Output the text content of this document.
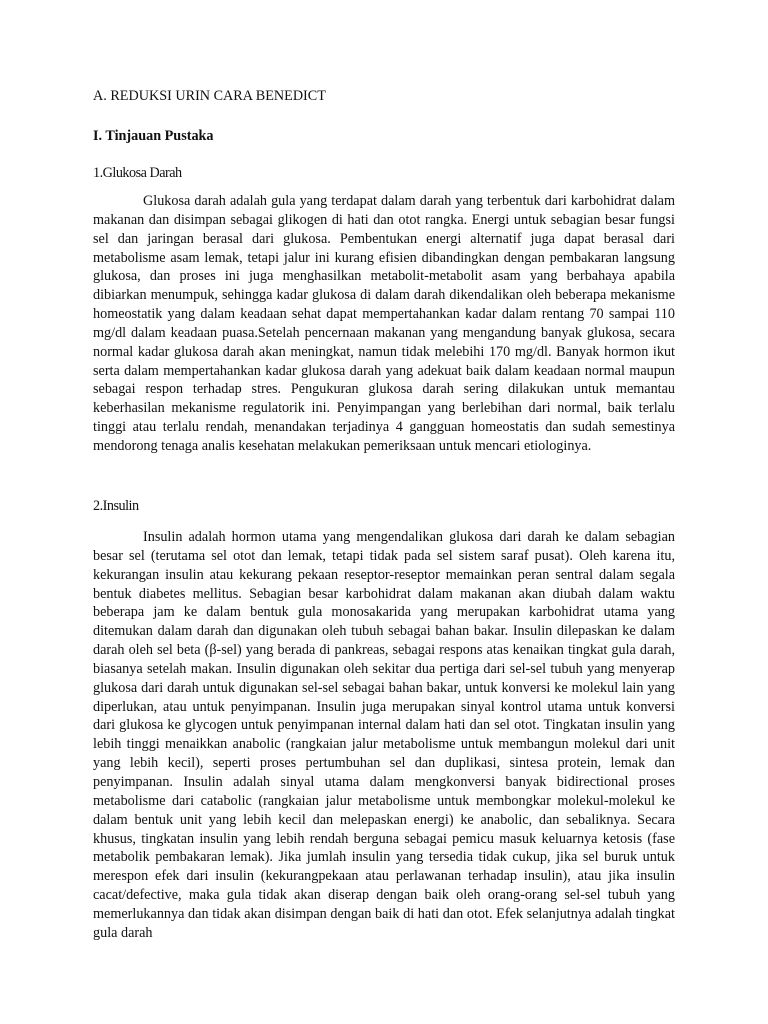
A. REDUKSI URIN CARA BENEDICT
I. Tinjauan Pustaka
1.Glukosa Darah

Glukosa darah adalah gula yang terdapat dalam darah yang terbentuk dari karbohidrat dalam makanan dan disimpan sebagai glikogen di hati dan otot rangka. Energi untuk sebagian besar fungsi sel dan jaringan berasal dari glukosa. Pembentukan energi alternatif juga dapat berasal dari metabolisme asam lemak, tetapi jalur ini kurang efisien dibandingkan dengan pembakaran langsung glukosa, dan proses ini juga menghasilkan metabolit-metabolit asam yang berbahaya apabila dibiarkan menumpuk, sehingga kadar glukosa di dalam darah dikendalikan oleh beberapa mekanisme homeostatik yang dalam keadaan sehat dapat mempertahankan kadar dalam rentang 70 sampai 110 mg/dl dalam keadaan puasa.Setelah pencernaan makanan yang mengandung banyak glukosa, secara normal kadar glukosa darah akan meningkat, namun tidak melebihi 170 mg/dl. Banyak hormon ikut serta dalam mempertahankan kadar glukosa darah yang adekuat baik dalam keadaan normal maupun sebagai respon terhadap stres. Pengukuran glukosa darah sering dilakukan untuk memantau keberhasilan mekanisme regulatorik ini. Penyimpangan yang berlebihan dari normal, baik terlalu tinggi atau terlalu rendah, menandakan terjadinya 4 gangguan homeostatis dan sudah semestinya mendorong tenaga analis kesehatan melakukan pemeriksaan untuk mencari etiologinya.

2.Insulin

Insulin adalah hormon utama yang mengendalikan glukosa dari darah ke dalam sebagian besar sel (terutama sel otot dan lemak, tetapi tidak pada sel sistem saraf pusat). Oleh karena itu, kekurangan insulin atau kekurang pekaan reseptor-reseptor memainkan peran sentral dalam segala bentuk diabetes mellitus. Sebagian besar karbohidrat dalam makanan akan diubah dalam waktu beberapa jam ke dalam bentuk gula monosakarida yang merupakan karbohidrat utama yang ditemukan dalam darah dan digunakan oleh tubuh sebagai bahan bakar. Insulin dilepaskan ke dalam darah oleh sel beta (β-sel) yang berada di pankreas, sebagai respons atas kenaikan tingkat gula darah, biasanya setelah makan. Insulin digunakan oleh sekitar dua pertiga dari sel-sel tubuh yang menyerap glukosa dari darah untuk digunakan sel-sel sebagai bahan bakar, untuk konversi ke molekul lain yang diperlukan, atau untuk penyimpanan. Insulin juga merupakan sinyal kontrol utama untuk konversi dari glukosa ke glycogen untuk penyimpanan internal dalam hati dan sel otot. Tingkatan insulin yang lebih tinggi menaikkan anabolic (rangkaian jalur metabolisme untuk membangun molekul dari unit yang lebih kecil), seperti proses pertumbuhan sel dan duplikasi, sintesa protein, lemak dan penyimpanan. Insulin adalah sinyal utama dalam mengkonversi banyak bidirectional proses metabolisme dari catabolic (rangkaian jalur metabolisme untuk membongkar molekul-molekul ke dalam bentuk unit yang lebih kecil dan melepaskan energi) ke anabolic, dan sebaliknya. Secara khusus, tingkatan insulin yang lebih rendah berguna sebagai pemicu masuk keluarnya ketosis (fase metabolik pembakaran lemak). Jika jumlah insulin yang tersedia tidak cukup, jika sel buruk untuk merespon efek dari insulin (kekurangpekaan atau perlawanan terhadap insulin), atau jika insulin cacat/defective, maka gula tidak akan diserap dengan baik oleh orang-orang sel-sel tubuh yang memerlukannya dan tidak akan disimpan dengan baik di hati dan otot. Efek selanjutnya adalah tingkat gula darah
